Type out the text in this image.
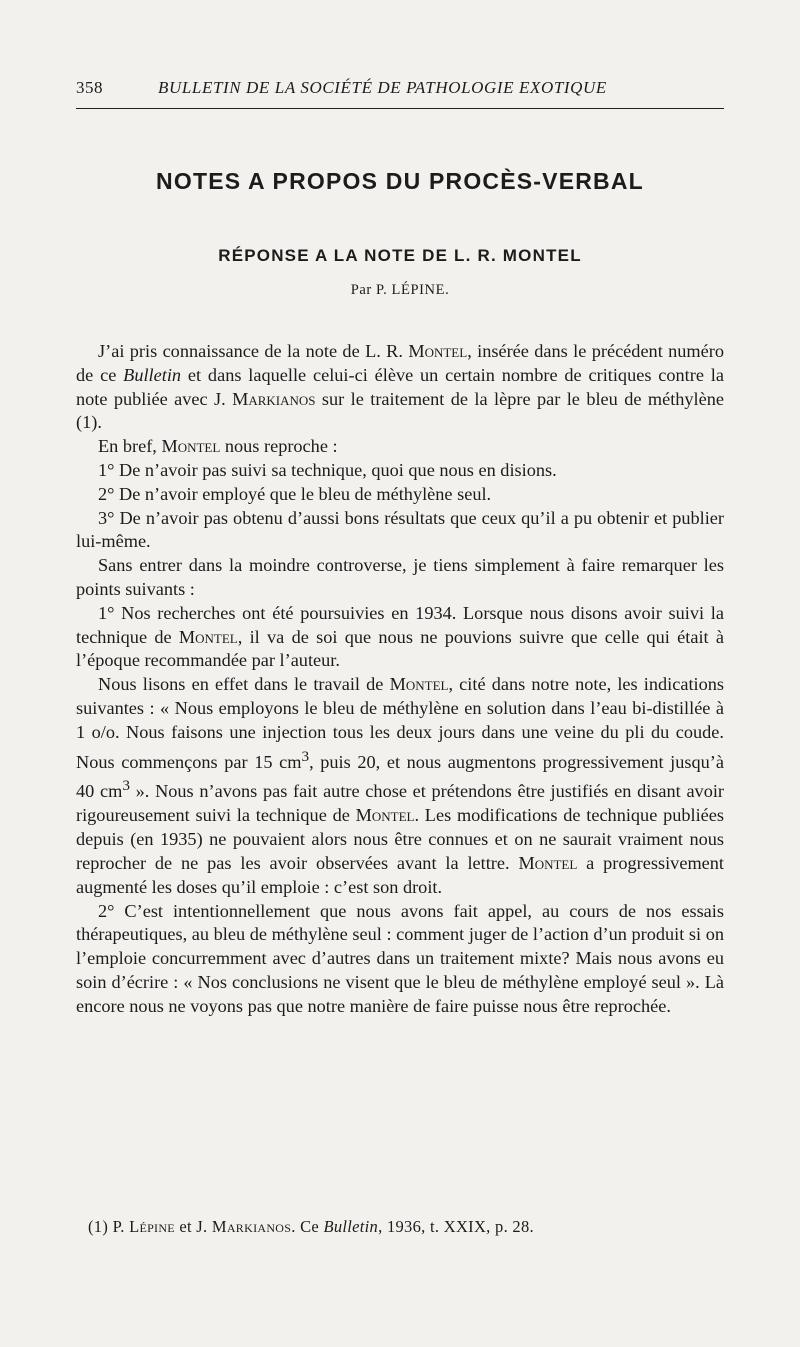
358	BULLETIN DE LA SOCIÉTÉ DE PATHOLOGIE EXOTIQUE
NOTES A PROPOS DU PROCÈS-VERBAL
RÉPONSE A LA NOTE DE L. R. MONTEL
Par P. LÉPINE.

J’ai pris connaissance de la note de L. R. Montel, insérée dans le précédent numéro de ce Bulletin et dans laquelle celui-ci élève un certain nombre de critiques contre la note publiée avec J. Markianos sur le traitement de la lèpre par le bleu de méthylène (1).

En bref, Montel nous reproche :

1° De n’avoir pas suivi sa technique, quoi que nous en disions.

2° De n’avoir employé que le bleu de méthylène seul.

3° De n’avoir pas obtenu d’aussi bons résultats que ceux qu’il a pu obtenir et publier lui-même.

Sans entrer dans la moindre controverse, je tiens simplement à faire remarquer les points suivants :

1° Nos recherches ont été poursuivies en 1934. Lorsque nous disons avoir suivi la technique de Montel, il va de soi que nous ne pouvions suivre que celle qui était à l’époque recommandée par l’auteur.

Nous lisons en effet dans le travail de Montel, cité dans notre note, les indications suivantes : « Nous employons le bleu de méthylène en solution dans l’eau bi-distillée à 1 o/o. Nous faisons une injection tous les deux jours dans une veine du pli du coude. Nous commençons par 15 $cm^3$, puis 20, et nous augmentons progressivement jusqu’à 40 $cm^3$ ». Nous n’avons pas fait autre chose et prétendons être justifiés en disant avoir rigoureusement suivi la technique de Montel. Les modifications de technique publiées depuis (en 1935) ne pouvaient alors nous être connues et on ne saurait vraiment nous reprocher de ne pas les avoir observées avant la lettre. Montel a progressivement augmenté les doses qu’il emploie : c’est son droit.

2° C’est intentionnellement que nous avons fait appel, au cours de nos essais thérapeutiques, au bleu de méthylène seul : comment juger de l’action d’un produit si on l’emploie concurremment avec d’autres dans un traitement mixte? Mais nous avons eu soin d’écrire : « Nos conclusions ne visent que le bleu de méthylène employé seul ». Là encore nous ne voyons pas que notre manière de faire puisse nous être reprochée.

(1) P. Lépine et J. Markianos. Ce Bulletin, 1936, t. XXIX, p. 28.
